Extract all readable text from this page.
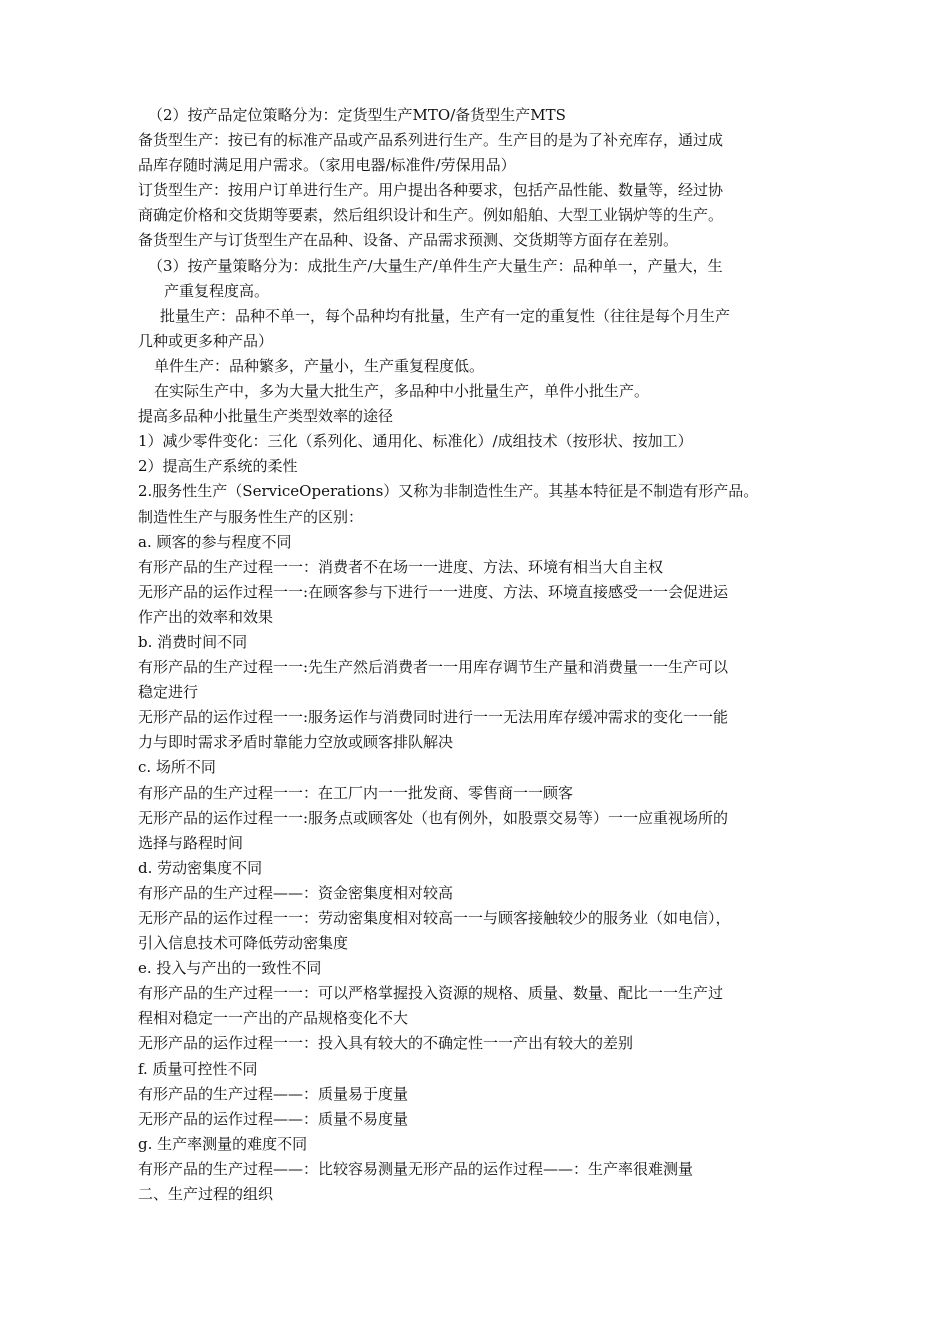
（2）按产品定位策略分为：定货型生产MTO/备货型生产MTS
备货型生产：按已有的标准产品或产品系列进行生产。生产目的是为了补充库存，通过成
品库存随时满足用户需求。（家用电器/标准件/劳保用品）
订货型生产：按用户订单进行生产。用户提出各种要求，包括产品性能、数量等，经过协
商确定价格和交货期等要素，然后组织设计和生产。例如船舶、大型工业锅炉等的生产。
备货型生产与订货型生产在品种、设备、产品需求预测、交货期等方面存在差别。
（3）按产量策略分为：成批生产/大量生产/单件生产大量生产：品种单一，产量大，生
产重复程度高。
批量生产：品种不单一，每个品种均有批量，生产有一定的重复性（往往是每个月生产
几种或更多种产品）
单件生产：品种繁多，产量小，生产重复程度低。
在实际生产中，多为大量大批生产，多品种中小批量生产，单件小批生产。
提高多品种小批量生产类型效率的途径
1）减少零件变化：三化（系列化、通用化、标准化）/成组技术（按形状、按加工）
2）提高生产系统的柔性
2.服务性生产（ServiceOperations）又称为非制造性生产。其基本特征是不制造有形产品。
制造性生产与服务性生产的区别：
a. 顾客的参与程度不同
有形产品的生产过程一一：消费者不在场一一进度、方法、环境有相当大自主权
无形产品的运作过程一一:在顾客参与下进行一一进度、方法、环境直接感受一一会促进运
作产出的效率和效果
b. 消费时间不同
有形产品的生产过程一一:先生产然后消费者一一用库存调节生产量和消费量一一生产可以
稳定进行
无形产品的运作过程一一:服务运作与消费同时进行一一无法用库存缓冲需求的变化一一能
力与即时需求矛盾时靠能力空放或顾客排队解决
c. 场所不同
有形产品的生产过程一一：在工厂内一一批发商、零售商一一顾客
无形产品的运作过程一一:服务点或顾客处（也有例外，如股票交易等）一一应重视场所的
选择与路程时间
d. 劳动密集度不同
有形产品的生产过程——：资金密集度相对较高
无形产品的运作过程一一：劳动密集度相对较高一一与顾客接触较少的服务业（如电信），
引入信息技术可降低劳动密集度
e. 投入与产出的一致性不同
有形产品的生产过程一一：可以严格掌握投入资源的规格、质量、数量、配比一一生产过
程相对稳定一一产出的产品规格变化不大
无形产品的运作过程一一：投入具有较大的不确定性一一产出有较大的差别
f. 质量可控性不同
有形产品的生产过程——：质量易于度量
无形产品的运作过程——：质量不易度量
g. 生产率测量的难度不同
有形产品的生产过程——：比较容易测量无形产品的运作过程——：生产率很难测量
二、生产过程的组织
